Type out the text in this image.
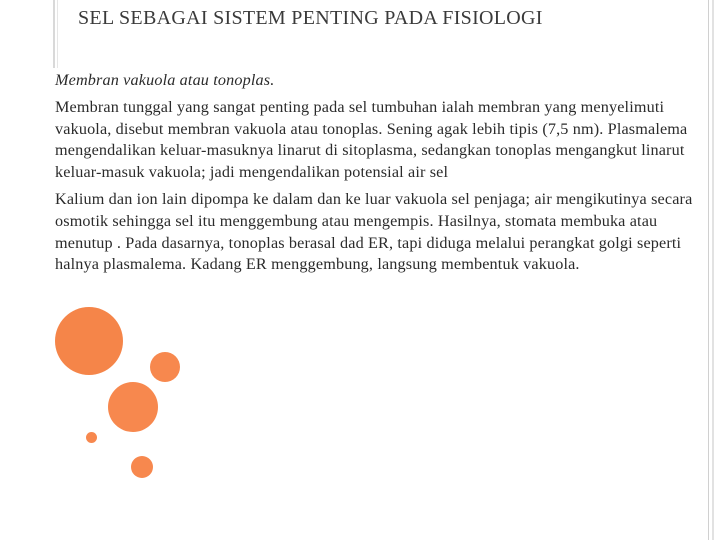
SEL SEBAGAI SISTEM PENTING PADA FISIOLOGI

Membran vakuola atau tonoplas.

Membran tunggal yang sangat penting pada sel tumbuhan ialah membran yang menyelimuti vakuola, disebut membran vakuola atau tonoplas. Sening agak lebih tipis (7,5 nm). Plasmalema mengendalikan keluar-masuknya linarut di sitoplasma, sedangkan tonoplas mengangkut linarut keluar-masuk vakuola; jadi mengendalikan potensial air sel

Kalium dan ion lain dipompa ke dalam dan ke luar vakuola sel penjaga; air mengikutinya secara osmotik sehingga sel itu menggembung atau mengempis. Hasilnya, stomata membuka atau menutup . Pada dasarnya, tonoplas berasal dad ER, tapi diduga melalui perangkat golgi seperti halnya plasmalema. Kadang ER menggembung, langsung membentuk vakuola.
